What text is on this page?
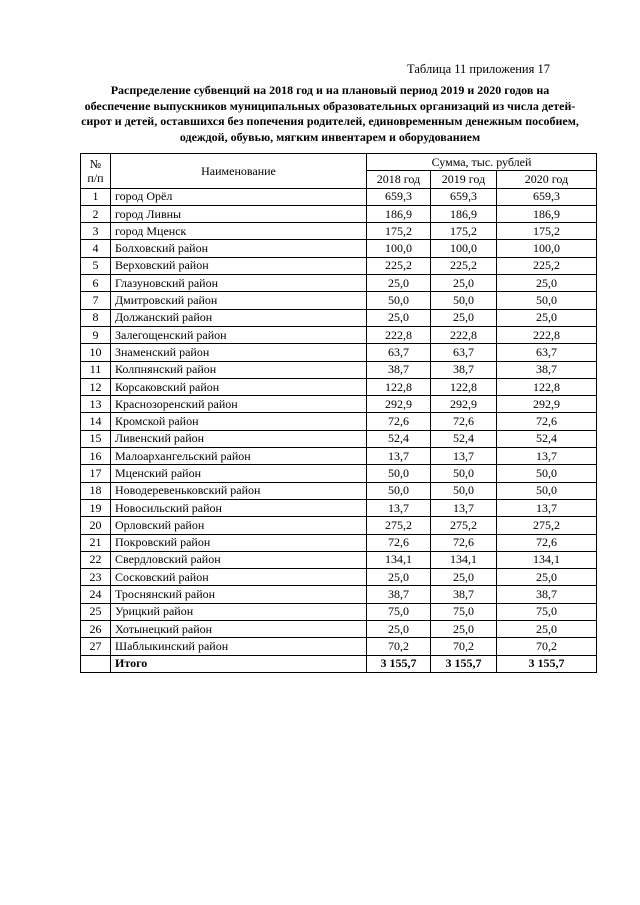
Таблица 11 приложения 17

Распределение субвенций на 2018 год и на плановый период 2019 и 2020 годов на обеспечение выпускников муниципальных образовательных организаций из числа детей-сирот и детей, оставшихся без попечения родителей, единовременным денежным пособием, одеждой, обувью, мягким инвентарем и оборудованием

№ п/п	Наименование	Сумма, тыс. рублей		
		2018 год	2019 год	2020 год
1	город Орёл	659,3	659,3	659,3
2	город Ливны	186,9	186,9	186,9
3	город Мценск	175,2	175,2	175,2
4	Болховский район	100,0	100,0	100,0
5	Верховский район	225,2	225,2	225,2
6	Глазуновский район	25,0	25,0	25,0
7	Дмитровский район	50,0	50,0	50,0
8	Должанский район	25,0	25,0	25,0
9	Залегощенский район	222,8	222,8	222,8
10	Знаменский район	63,7	63,7	63,7
11	Колпнянский район	38,7	38,7	38,7
12	Корсаковский район	122,8	122,8	122,8
13	Краснозоренский район	292,9	292,9	292,9
14	Кромской район	72,6	72,6	72,6
15	Ливенский район	52,4	52,4	52,4
16	Малоархангельский район	13,7	13,7	13,7
17	Мценский район	50,0	50,0	50,0
18	Новодеревеньковский район	50,0	50,0	50,0
19	Новосильский район	13,7	13,7	13,7
20	Орловский район	275,2	275,2	275,2
21	Покровский район	72,6	72,6	72,6
22	Свердловский район	134,1	134,1	134,1
23	Сосковский район	25,0	25,0	25,0
24	Троснянский район	38,7	38,7	38,7
25	Урицкий район	75,0	75,0	75,0
26	Хотынецкий район	25,0	25,0	25,0
27	Шаблыкинский район	70,2	70,2	70,2
	Итого	3 155,7	3 155,7	3 155,7
